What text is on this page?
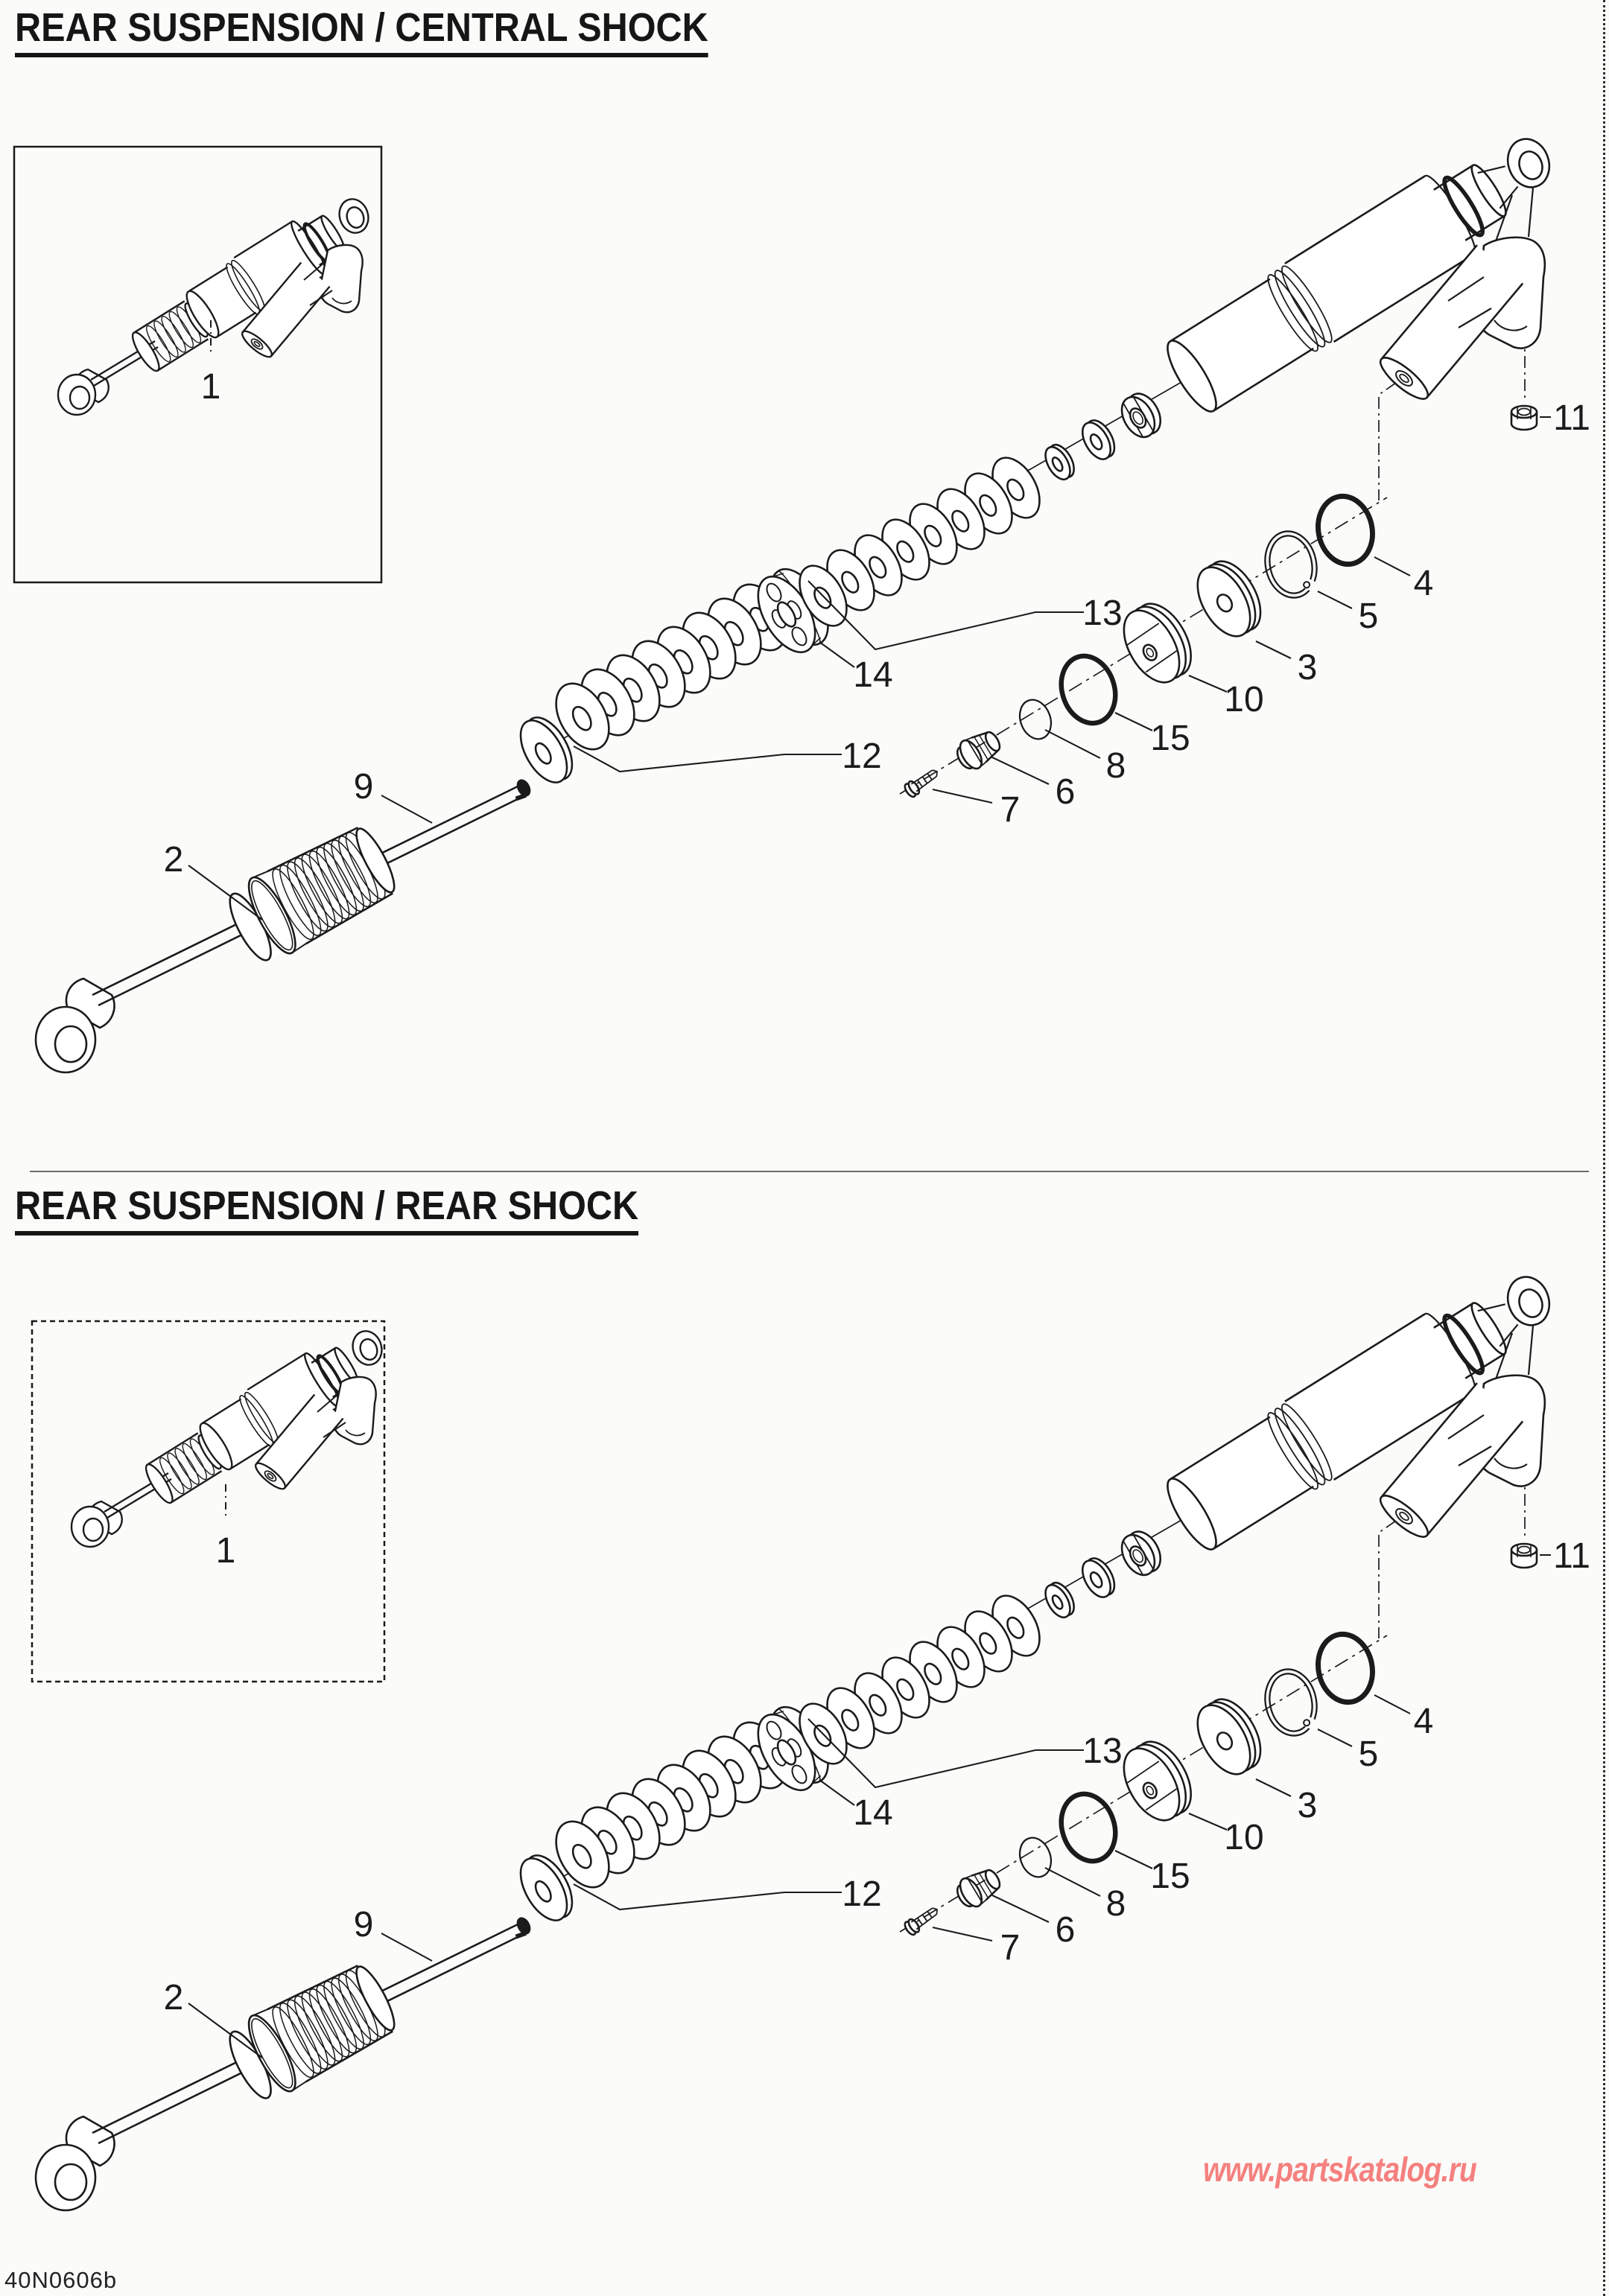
REAR SUSPENSION / CENTRAL SHOCK
REAR SUSPENSION / REAR SHOCK
www.partskatalog.ru
40N0606b
1
1
